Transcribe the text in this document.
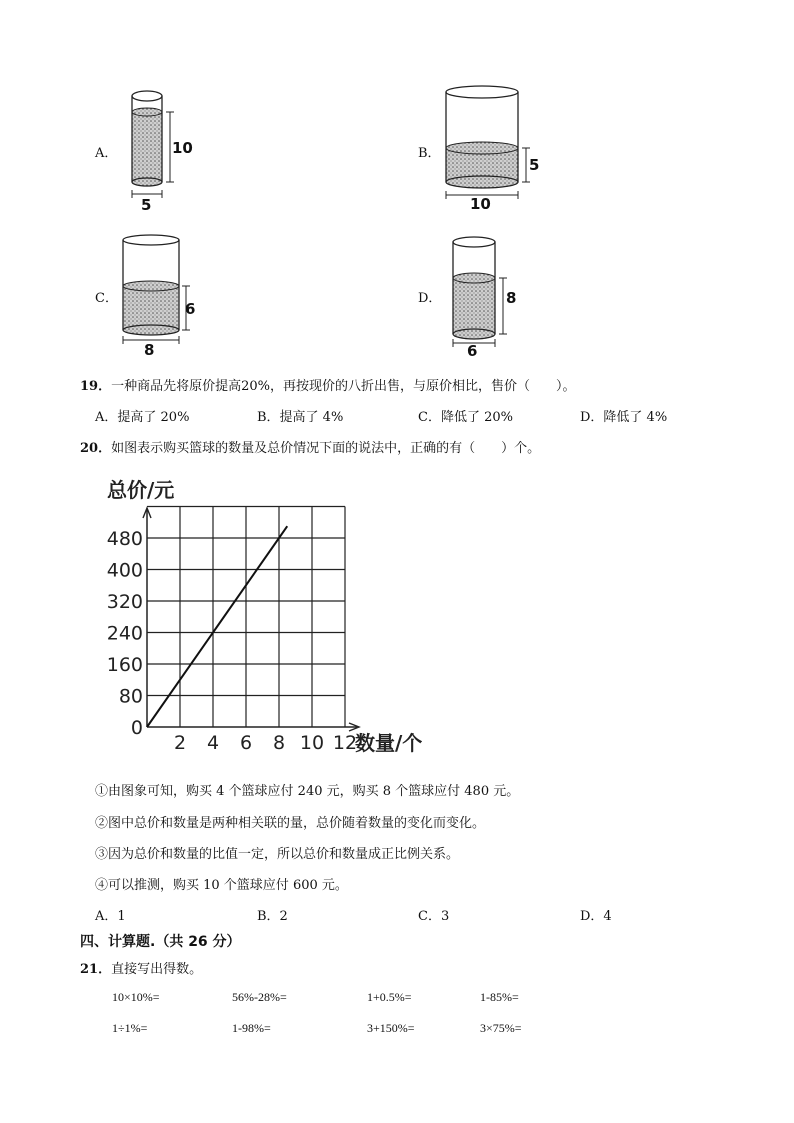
A．	10
5
B．
5
10
C．
6
8
D．	8
6
19．一种商品先将原价提高20%，再按现价的八折出售，与原价相比，售价（　　）。
A．提高了 20%	B．提高了 4%	C．降低了 20%	D．降低了 4%
20．如图表示购买篮球的数量及总价情况下面的说法中，正确的有（　　）个。
总价/元
数量/个
0
80
160
240
320
400
480
2 4 6 8 10 12
①由图象可知，购买 4 个篮球应付 240 元，购买 8 个篮球应付 480 元。
②图中总价和数量是两种相关联的量，总价随着数量的变化而变化。
③因为总价和数量的比值一定，所以总价和数量成正比例关系。
④可以推测，购买 10 个篮球应付 600 元。
A．1	B．2	C．3	D．4
四、计算题.（共 26 分）
21．直接写出得数。
10×10%=	56%-28%=	1+0.5%=	1-85%=
1÷1%=	1-98%=	3+150%=	3×75%=
